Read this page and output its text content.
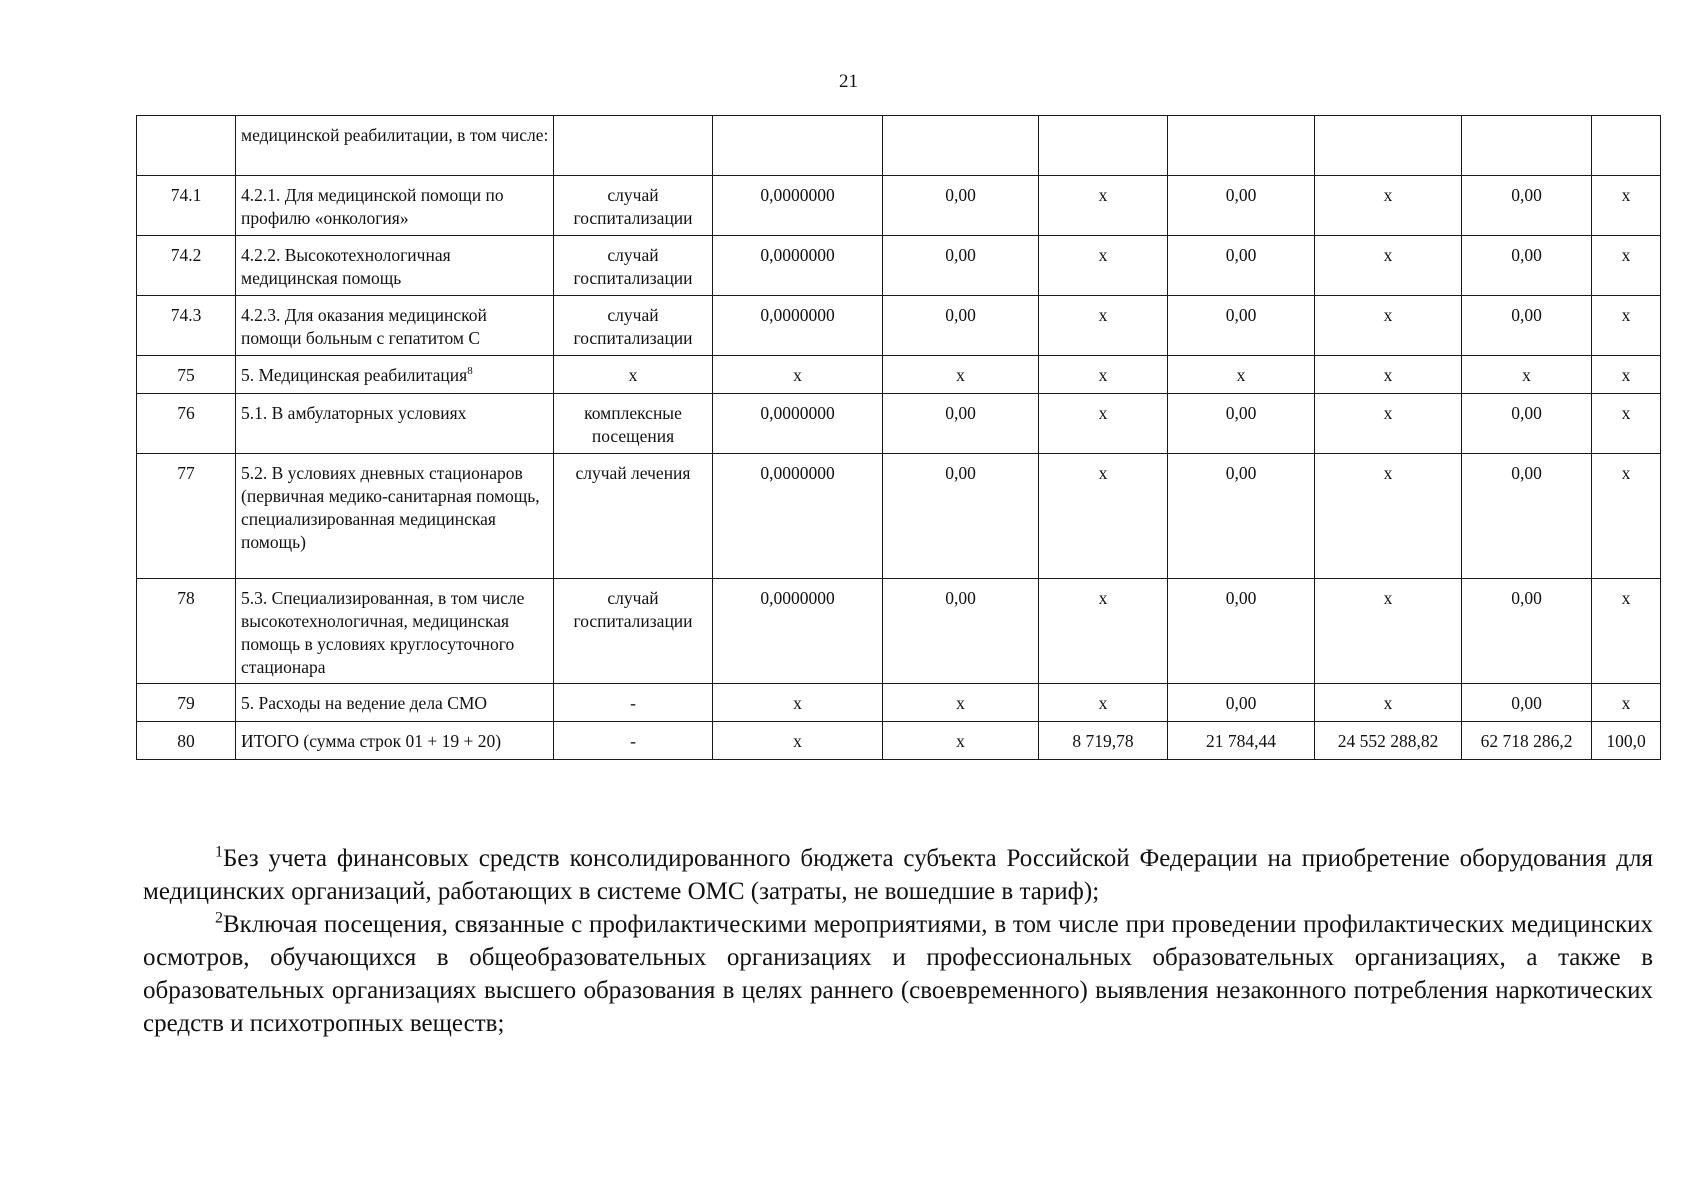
21
	медицинской реабилитации, в том числе:								
74.1	4.2.1. Для медицинской помощи по профилю «онкология»	случай госпитализации	0,0000000	0,00	х	0,00	х	0,00	х
74.2	4.2.2. Высокотехнологичная медицинская помощь	случай госпитализации	0,0000000	0,00	х	0,00	х	0,00	х
74.3	4.2.3. Для оказания медицинской помощи больным с гепатитом С	случай госпитализации	0,0000000	0,00	х	0,00	х	0,00	х
75	5. Медицинская реабилитация$^8$	х	х	х	х	х	х	х	х
76	5.1. В амбулаторных условиях	комплексные посещения	0,0000000	0,00	х	0,00	х	0,00	х
77	5.2. В условиях дневных стационаров (первичная медико-санитарная помощь, специализированная медицинская помощь)	случай лечения	0,0000000	0,00	х	0,00	х	0,00	х
78	5.3. Специализированная, в том числе высокотехнологичная, медицинская помощь в условиях круглосуточного стационара	случай госпитализации	0,0000000	0,00	х	0,00	х	0,00	х
79	5. Расходы на ведение дела СМО	-	х	х	х	0,00	х	0,00	х
80	ИТОГО (сумма строк 01 + 19 + 20)	-	х	х	8 719,78	21 784,44	24 552 288,82	62 718 286,2	100,0

$^1$Без учета финансовых средств консолидированного бюджета субъекта Российской Федерации на приобретение оборудования для медицинских организаций, работающих в системе ОМС (затраты, не вошедшие в тариф);

$^2$Включая посещения, связанные с профилактическими мероприятиями, в том числе при проведении профилактических медицинских осмотров, обучающихся в общеобразовательных организациях и профессиональных образовательных организациях, а также в образовательных организациях высшего образования в целях раннего (своевременного) выявления незаконного потребления наркотических средств и психотропных веществ;
